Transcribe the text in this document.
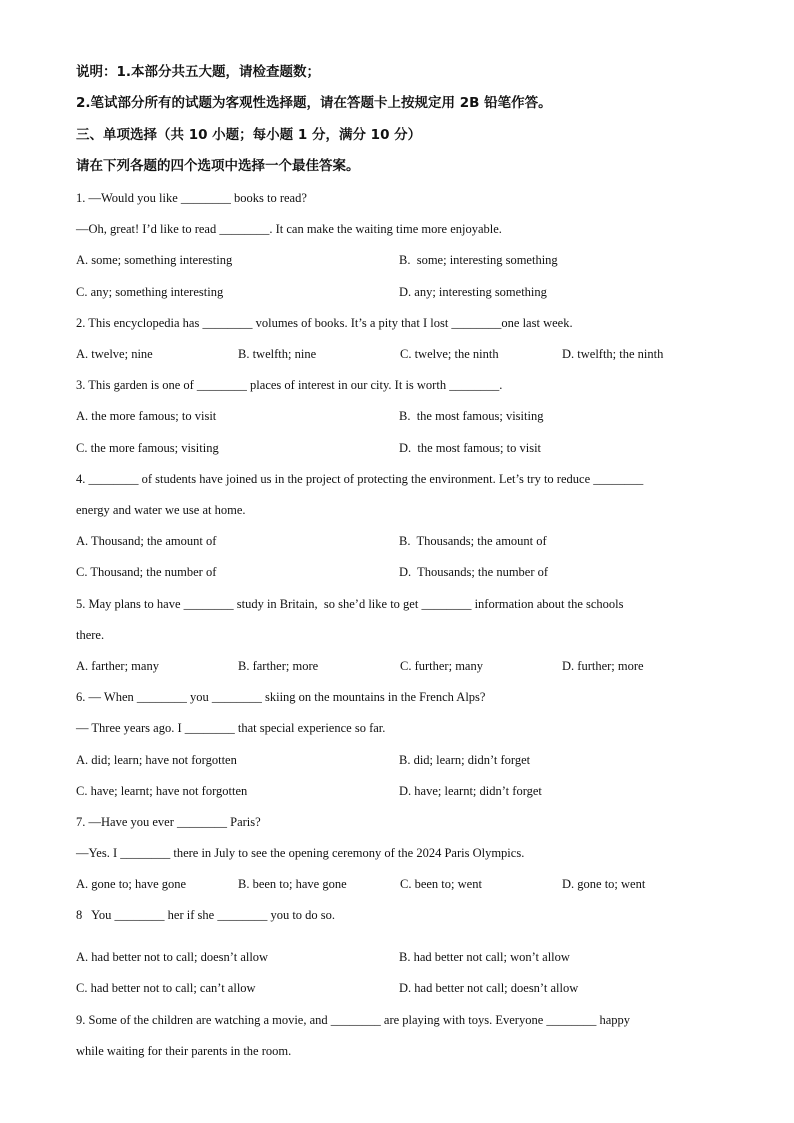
说明：1.本部分共五大题，请检查题数；
2.笔试部分所有的试题为客观性选择题，请在答题卡上按规定用 2B 铅笔作答。
三、单项选择（共 10 小题；每小题 1 分，满分 10 分）
请在下列各题的四个选项中选择一个最佳答案。
1. —Would you like ________ books to read?
—Oh, great! I’d like to read ________. It can make the waiting time more enjoyable.
A. some; something interesting	B.  some; interesting something
C. any; something interesting	D. any; interesting something
2. This encyclopedia has ________ volumes of books. It’s a pity that I lost ________one last week.
A. twelve; nine	B. twelfth; nine	C. twelve; the ninth	D. twelfth; the ninth
3. This garden is one of ________ places of interest in our city. It is worth ________.
A. the more famous; to visit	B.  the most famous; visiting
C. the more famous; visiting	D.  the most famous; to visit
4. ________ of students have joined us in the project of protecting the environment. Let’s try to reduce ________
energy and water we use at home.
A. Thousand; the amount of	B.  Thousands; the amount of
C. Thousand; the number of	D.  Thousands; the number of
5. May plans to have ________ study in Britain,  so she’d like to get ________ information about the schools
there.
A. farther; many	B. farther; more	C. further; many	D. further; more
6. — When ________ you ________ skiing on the mountains in the French Alps?
— Three years ago. I ________ that special experience so far.
A. did; learn; have not forgotten	B. did; learn; didn’t forget
C. have; learnt; have not forgotten	D. have; learnt; didn’t forget
7. —Have you ever ________ Paris?
—Yes. I ________ there in July to see the opening ceremony of the 2024 Paris Olympics.
A. gone to; have gone	B. been to; have gone	C. been to; went	D. gone to; went
8   You ________ her if she ________ you to do so.
A. had better not to call; doesn’t allow	B. had better not call; won’t allow
C. had better not to call; can’t allow	D. had better not call; doesn’t allow
9. Some of the children are watching a movie, and ________ are playing with toys. Everyone ________ happy
while waiting for their parents in the room.
